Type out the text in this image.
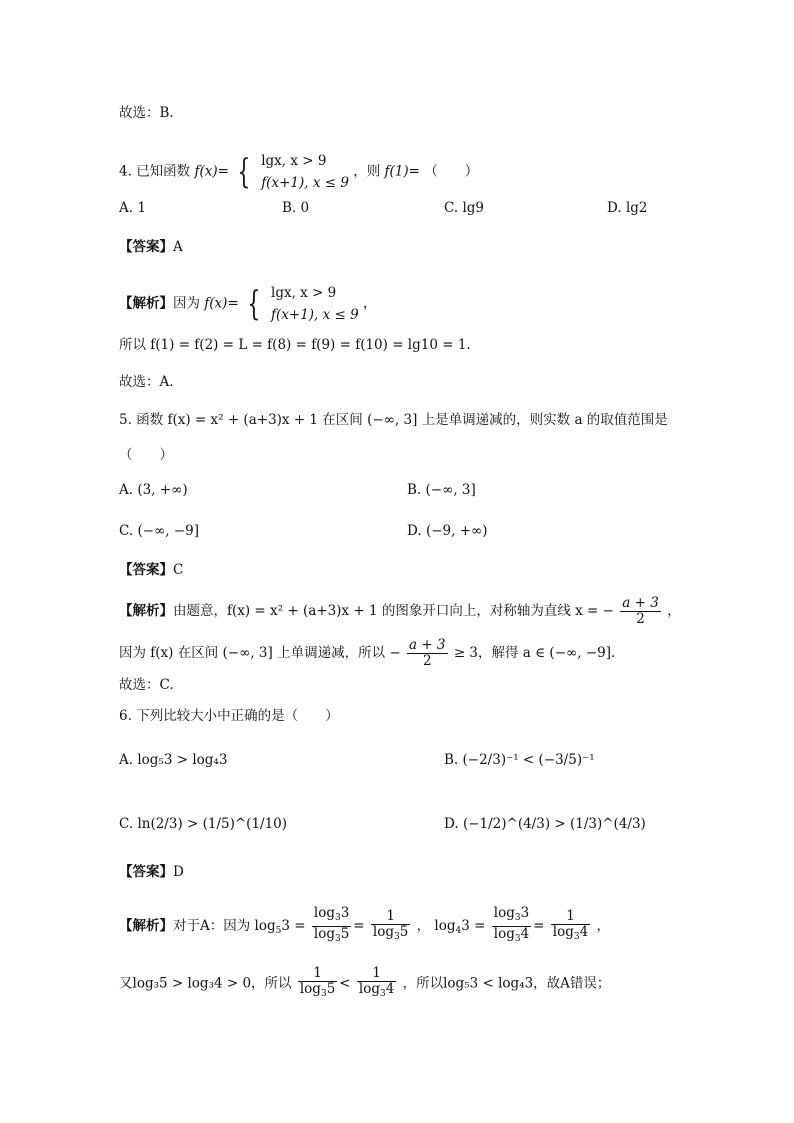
故选：B.
4. 已知函数 f(x)= { lgx, x > 9
f(x+1), x ≤ 9
，则 f(1)= （　　）
A. 1	B. 0	C. lg9	D. lg2
【答案】A
【解析】因为 f(x)= { lgx, x > 9
f(x+1), x ≤ 9
，
所以 f(1) = f(2) = L = f(8) = f(9) = f(10) = lg10 = 1.
故选：A.
5. 函数 f(x) = x² + (a+3)x + 1 在区间 (−∞, 3] 上是单调递减的，则实数 a 的取值范围是
（　　）
A. (3, +∞)	B. (−∞, 3]
C. (−∞, −9]	D. (−9, +∞)
【答案】C
【解析】由题意，f(x) = x² + (a+3)x + 1 的图象开口向上，对称轴为直线 x = − $\frac{a + 3}{2}$ ，
因为 f(x) 在区间 (−∞, 3] 上单调递减，所以 − $\frac{a + 3}{2} \ge 3$，解得 a ∈ (−∞, −9].
故选：C.
6. 下列比较大小中正确的是（　　）
A. log₅3 > log₄3	B. (−2/3)⁻¹ < (−3/5)⁻¹
C. ln(2/3) > (1/5)^(1/10)	D. (−1/2)^(4/3) > (1/3)^(4/3)
【答案】D
【解析】对于A：因为 $\log_53 = \frac{\log_33}{\log_35} = \frac{1}{\log_35}$ ， $\log_43 = \frac{\log_33}{\log_34} = \frac{1}{\log_34}$ ，
又log₃5 > log₃4 > 0，所以 $\frac{1}{\log_35} < \frac{1}{\log_34}$ ，所以log₅3 < log₄3，故A错误；
